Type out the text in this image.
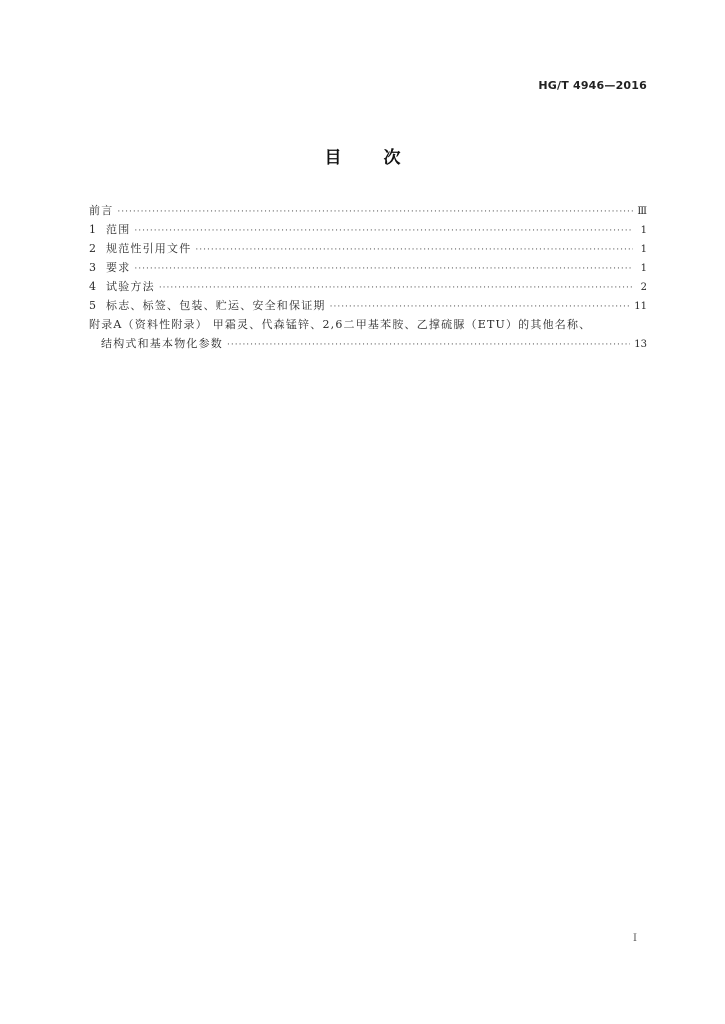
HG/T 4946—2016
目次
前言 ·····	Ⅲ
1 范围 ·····	1
2 规范性引用文件 ·····	1
3 要求 ·····	1
4 试验方法 ·····	2
5 标志、标签、包装、贮运、安全和保证期 ·····	11
附录A（资料性附录） 甲霜灵、代森锰锌、2,6二甲基苯胺、乙撑硫脲（ETU）的其他名称、
结构式和基本物化参数 ·····	13
I
